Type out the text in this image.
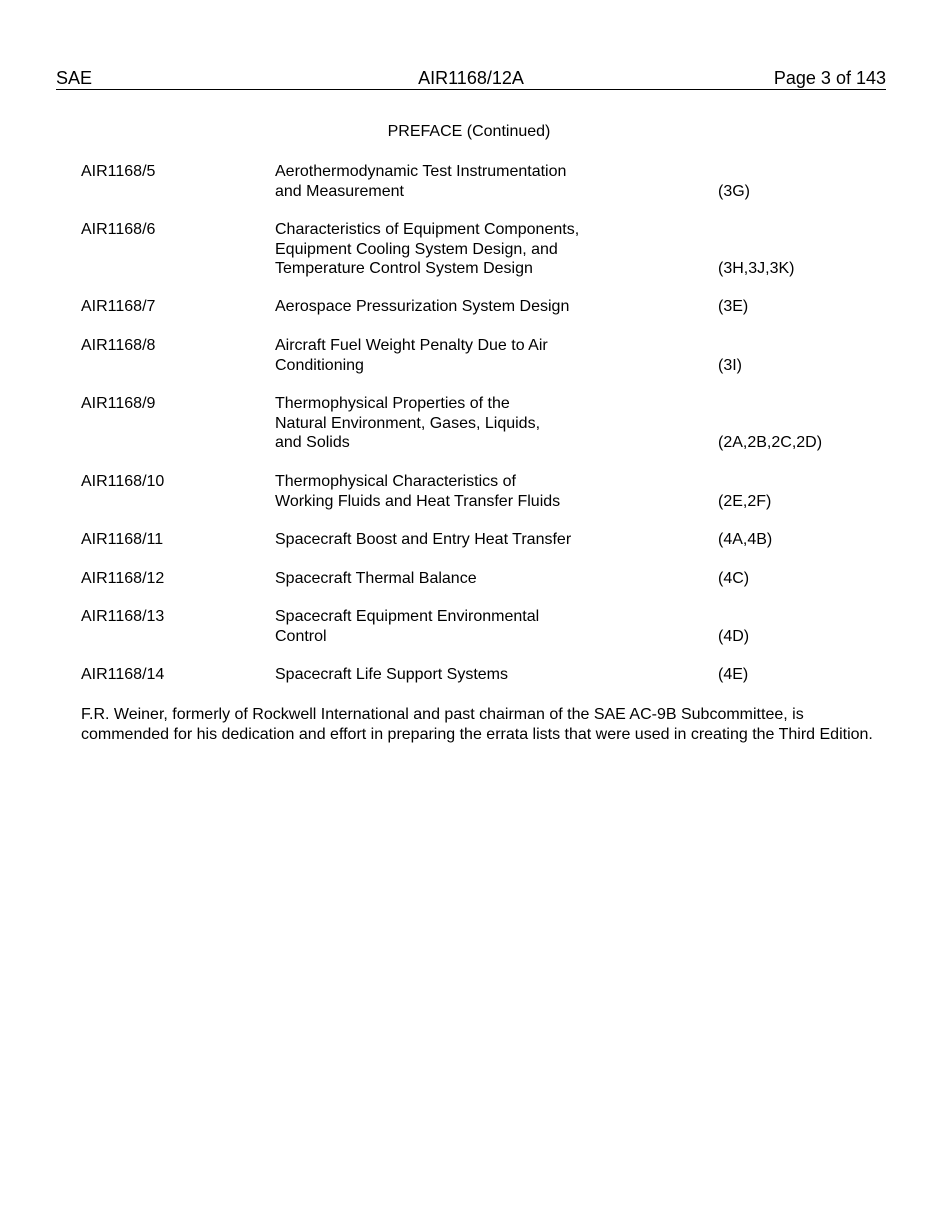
SAE	AIR1168/12A	Page 3 of 143
PREFACE (Continued)
AIR1168/5	Aerothermodynamic Test Instrumentation
and Measurement	(3G)
AIR1168/6	Characteristics of Equipment Components,
Equipment Cooling System Design, and
Temperature Control System Design	(3H,3J,3K)
AIR1168/7	Aerospace Pressurization System Design	(3E)
AIR1168/8	Aircraft Fuel Weight Penalty Due to Air
Conditioning	(3I)
AIR1168/9	Thermophysical Properties of the
Natural Environment, Gases, Liquids,
and Solids	(2A,2B,2C,2D)
AIR1168/10	Thermophysical Characteristics of
Working Fluids and Heat Transfer Fluids	(2E,2F)
AIR1168/11	Spacecraft Boost and Entry Heat Transfer	(4A,4B)
AIR1168/12	Spacecraft Thermal Balance	(4C)
AIR1168/13	Spacecraft Equipment Environmental
Control	(4D)
AIR1168/14	Spacecraft Life Support Systems	(4E)
F.R. Weiner, formerly of Rockwell International and past chairman of the SAE AC-9B Subcommittee, is commended for his dedication and effort in preparing the errata lists that were used in creating the Third Edition.
